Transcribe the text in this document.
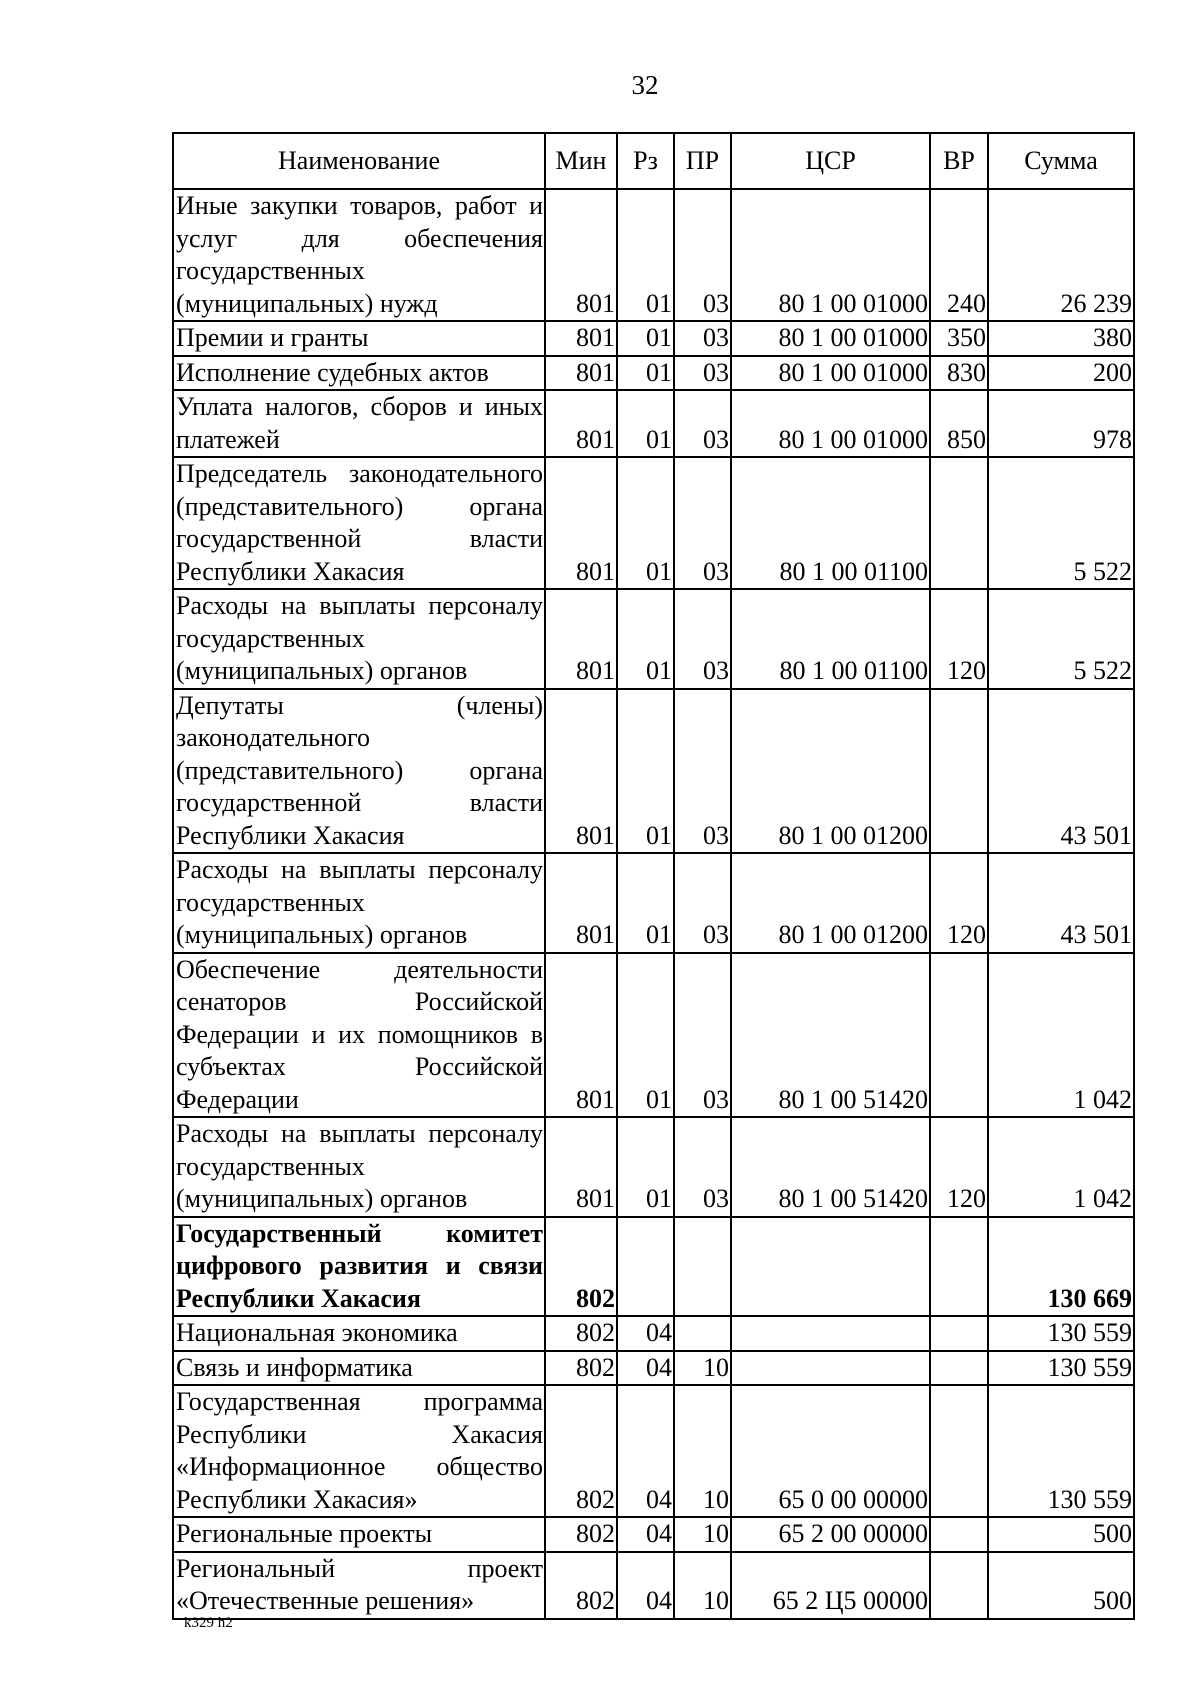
32
Наименование	Мин	Рз	ПР	ЦСР	ВР	Сумма
Иные закупки товаров, работ и услуг для обеспечения государственных (муниципальных) нужд	801	01	03	80 1 00 01000	240	26 239
Премии и гранты	801	01	03	80 1 00 01000	350	380
Исполнение судебных актов	801	01	03	80 1 00 01000	830	200
Уплата налогов, сборов и иных платежей	801	01	03	80 1 00 01000	850	978
Председатель законодательного (представительного) органа государственной власти Республики Хакасия	801	01	03	80 1 00 01100		5 522
Расходы на выплаты персоналу государственных (муниципальных) органов	801	01	03	80 1 00 01100	120	5 522
Депутаты (члены) законодательного (представительного) органа государственной власти Республики Хакасия	801	01	03	80 1 00 01200		43 501
Расходы на выплаты персоналу государственных (муниципальных) органов	801	01	03	80 1 00 01200	120	43 501
Обеспечение деятельности сенаторов Российской Федерации и их помощников в субъектах Российской Федерации	801	01	03	80 1 00 51420		1 042
Расходы на выплаты персоналу государственных (муниципальных) органов	801	01	03	80 1 00 51420	120	1 042
Государственный комитет цифрового развития и связи Республики Хакасия	802					130 669
Национальная экономика	802	04				130 559
Связь и информатика	802	04	10			130 559
Государственная программа Республики Хакасия «Информационное общество Республики Хакасия»	802	04	10	65 0 00 00000		130 559
Региональные проекты	802	04	10	65 2 00 00000		500
Региональный проект «Отечественные решения»	802	04	10	65 2 Ц5 00000		500
k329 h2
